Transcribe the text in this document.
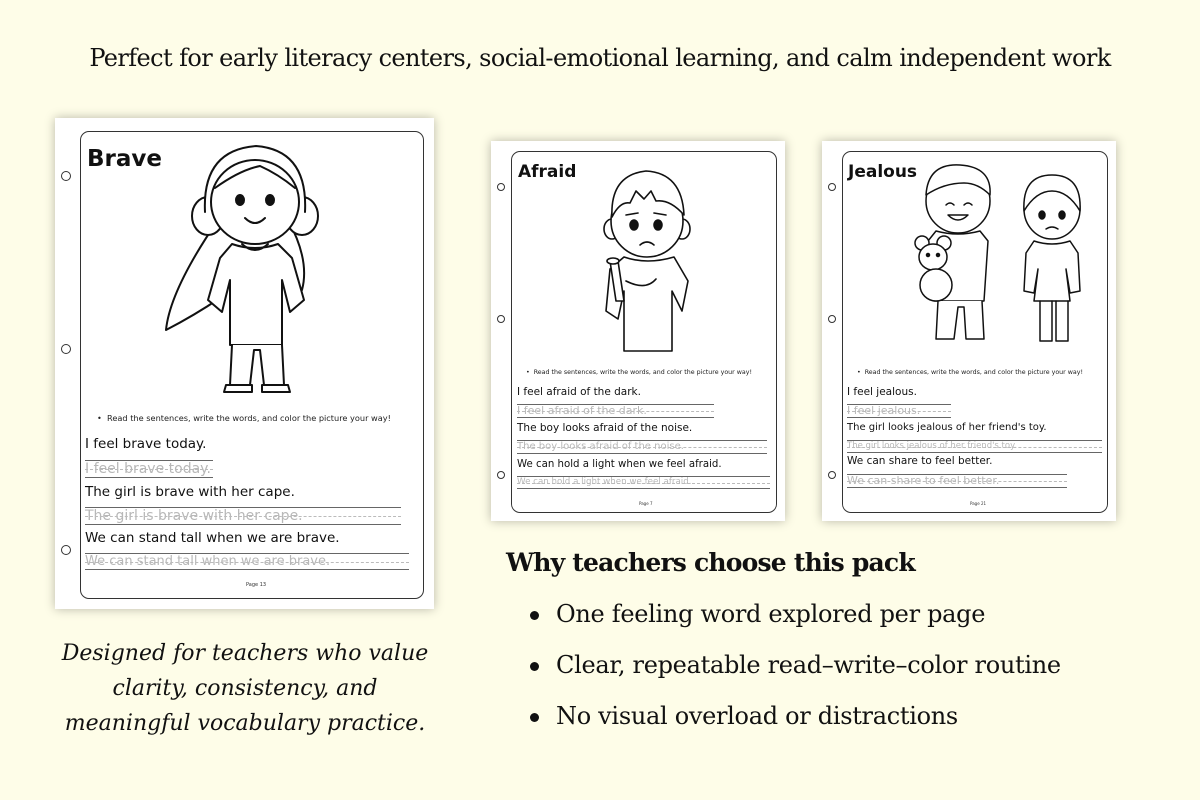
Perfect for early literacy centers, social-emotional learning, and calm independent work
Brave
•  Read the sentences, write the words, and color the picture your way!
I feel brave today.
I feel brave today.
The girl is brave with her cape.
The girl is brave with her cape.
We can stand tall when we are brave.
We can stand tall when we are brave.
Page 13
Afraid
•  Read the sentences, write the words, and color the picture your way!
I feel afraid of the dark.
I feel afraid of the dark.
The boy looks afraid of the noise.
The boy looks afraid of the noise.
We can hold a light when we feel afraid.
We can hold a light when we feel afraid.
Page 7
Jealous
•  Read the sentences, write the words, and color the picture your way!
I feel jealous.
I feel jealous.
The girl looks jealous of her friend's toy.
The girl looks jealous of her friend's toy.
We can share to feel better.
We can share to feel better.
Page 21
Designed for teachers who value
clarity, consistency, and
meaningful vocabulary practice.
Why teachers choose this pack
One feeling word explored per page
Clear, repeatable read–write–color routine
No visual overload or distractions
